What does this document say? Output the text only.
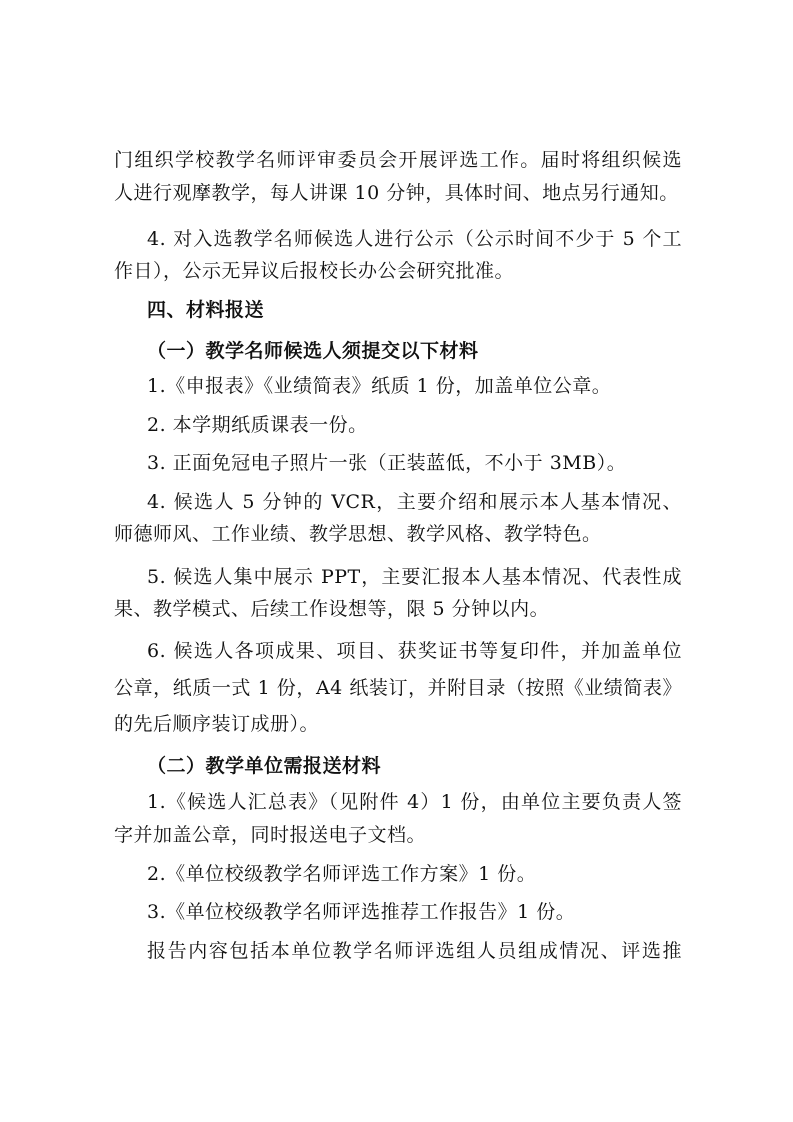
门组织学校教学名师评审委员会开展评选工作。届时将组织候选

人进行观摩教学，每人讲课 10 分钟，具体时间、地点另行通知。

4. 对入选教学名师候选人进行公示（公示时间不少于 5 个工

作日），公示无异议后报校长办公会研究批准。

四、材料报送

（一）教学名师候选人须提交以下材料

1.《申报表》《业绩简表》纸质 1 份，加盖单位公章。

2. 本学期纸质课表一份。

3. 正面免冠电子照片一张（正装蓝低，不小于 3MB）。

4. 候选人 5 分钟的 VCR，主要介绍和展示本人基本情况、

师德师风、工作业绩、教学思想、教学风格、教学特色。

5. 候选人集中展示 PPT，主要汇报本人基本情况、代表性成

果、教学模式、后续工作设想等，限 5 分钟以内。

6. 候选人各项成果、项目、获奖证书等复印件，并加盖单位

公章，纸质一式 1 份，A4 纸装订，并附目录（按照《业绩简表》

的先后顺序装订成册）。

（二）教学单位需报送材料

1.《候选人汇总表》（见附件 4）1 份，由单位主要负责人签

字并加盖公章，同时报送电子文档。

2.《单位校级教学名师评选工作方案》1 份。

3.《单位校级教学名师评选推荐工作报告》1 份。

报告内容包括本单位教学名师评选组人员组成情况、评选推
